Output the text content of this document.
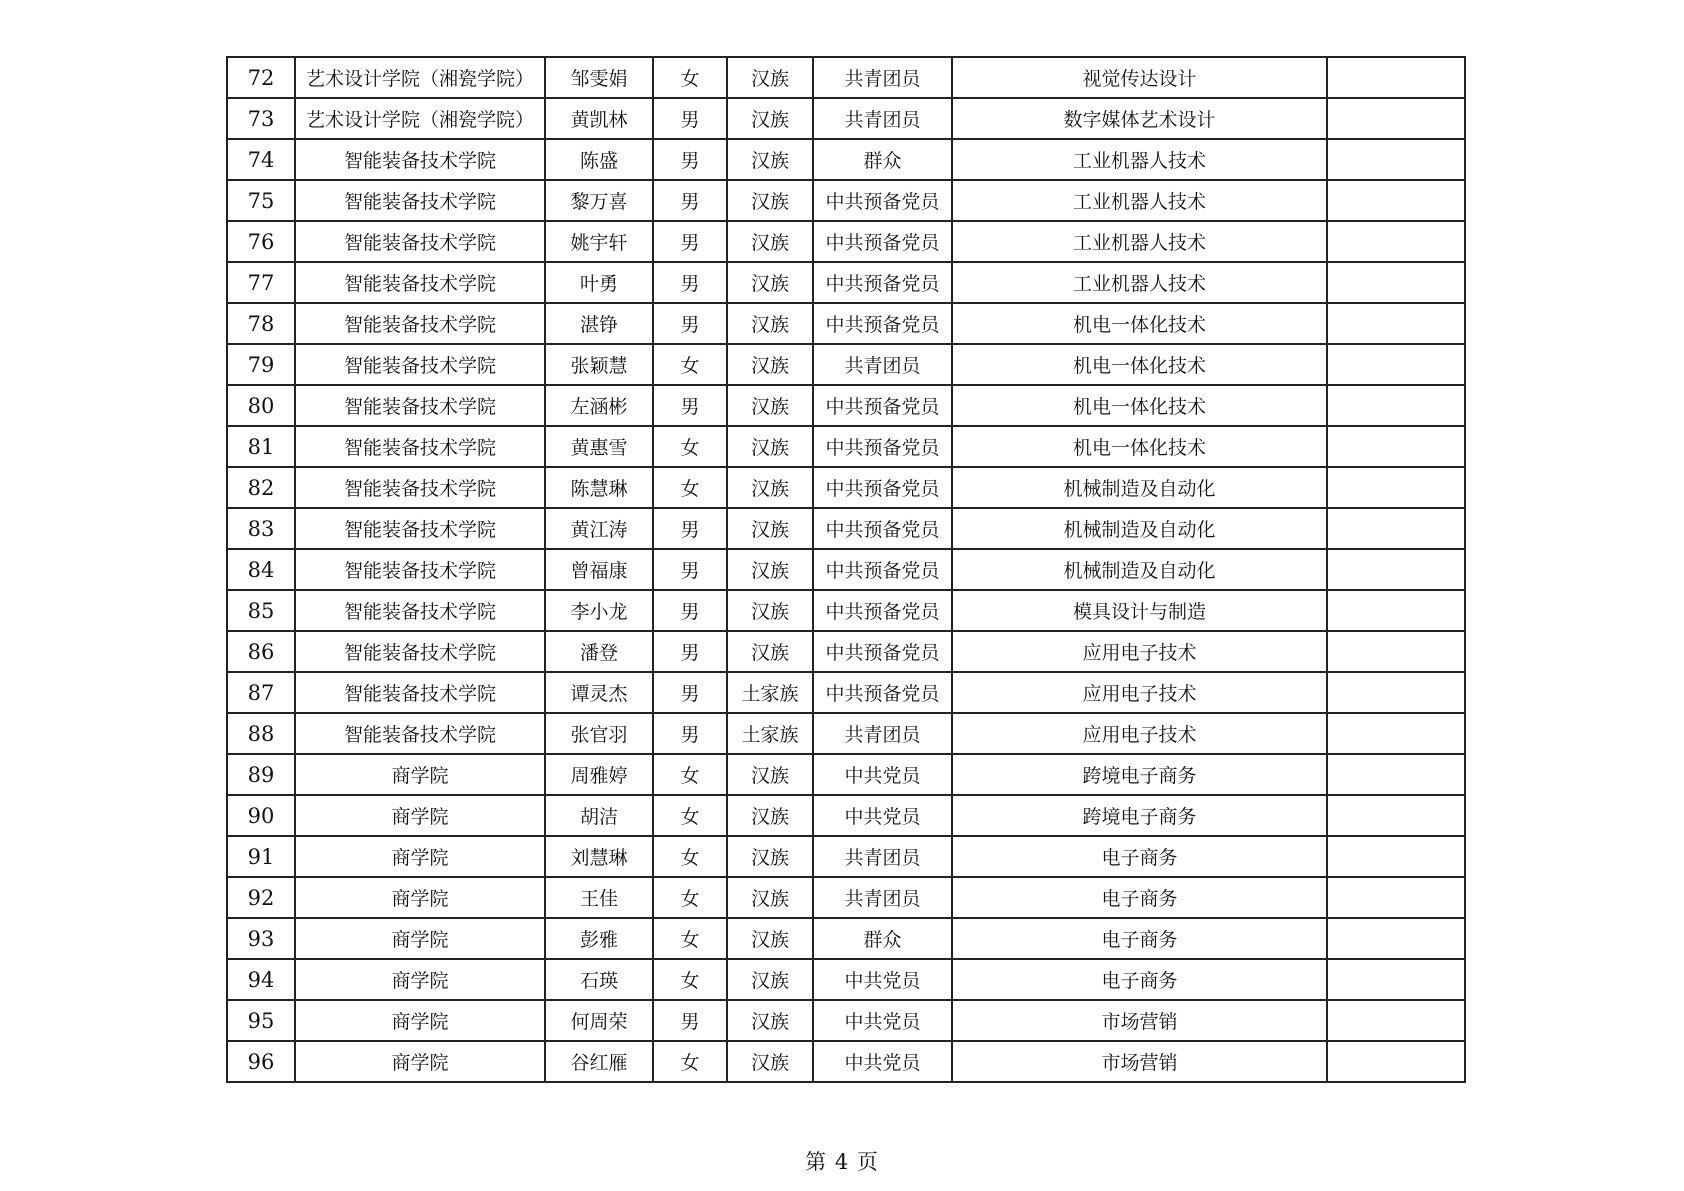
72	艺术设计学院（湘瓷学院）	邹雯娟	女	汉族	共青团员	视觉传达设计	
73	艺术设计学院（湘瓷学院）	黄凯林	男	汉族	共青团员	数字媒体艺术设计	
74	智能装备技术学院	陈盛	男	汉族	群众	工业机器人技术	
75	智能装备技术学院	黎万喜	男	汉族	中共预备党员	工业机器人技术	
76	智能装备技术学院	姚宇轩	男	汉族	中共预备党员	工业机器人技术	
77	智能装备技术学院	叶勇	男	汉族	中共预备党员	工业机器人技术	
78	智能装备技术学院	湛铮	男	汉族	中共预备党员	机电一体化技术	
79	智能装备技术学院	张颖慧	女	汉族	共青团员	机电一体化技术	
80	智能装备技术学院	左涵彬	男	汉族	中共预备党员	机电一体化技术	
81	智能装备技术学院	黄惠雪	女	汉族	中共预备党员	机电一体化技术	
82	智能装备技术学院	陈慧琳	女	汉族	中共预备党员	机械制造及自动化	
83	智能装备技术学院	黄江涛	男	汉族	中共预备党员	机械制造及自动化	
84	智能装备技术学院	曾福康	男	汉族	中共预备党员	机械制造及自动化	
85	智能装备技术学院	李小龙	男	汉族	中共预备党员	模具设计与制造	
86	智能装备技术学院	潘登	男	汉族	中共预备党员	应用电子技术	
87	智能装备技术学院	谭灵杰	男	土家族	中共预备党员	应用电子技术	
88	智能装备技术学院	张官羽	男	土家族	共青团员	应用电子技术	
89	商学院	周雅婷	女	汉族	中共党员	跨境电子商务	
90	商学院	胡洁	女	汉族	中共党员	跨境电子商务	
91	商学院	刘慧琳	女	汉族	共青团员	电子商务	
92	商学院	王佳	女	汉族	共青团员	电子商务	
93	商学院	彭雅	女	汉族	群众	电子商务	
94	商学院	石瑛	女	汉族	中共党员	电子商务	
95	商学院	何周荣	男	汉族	中共党员	市场营销	
96	商学院	谷红雁	女	汉族	中共党员	市场营销	
第 4 页
